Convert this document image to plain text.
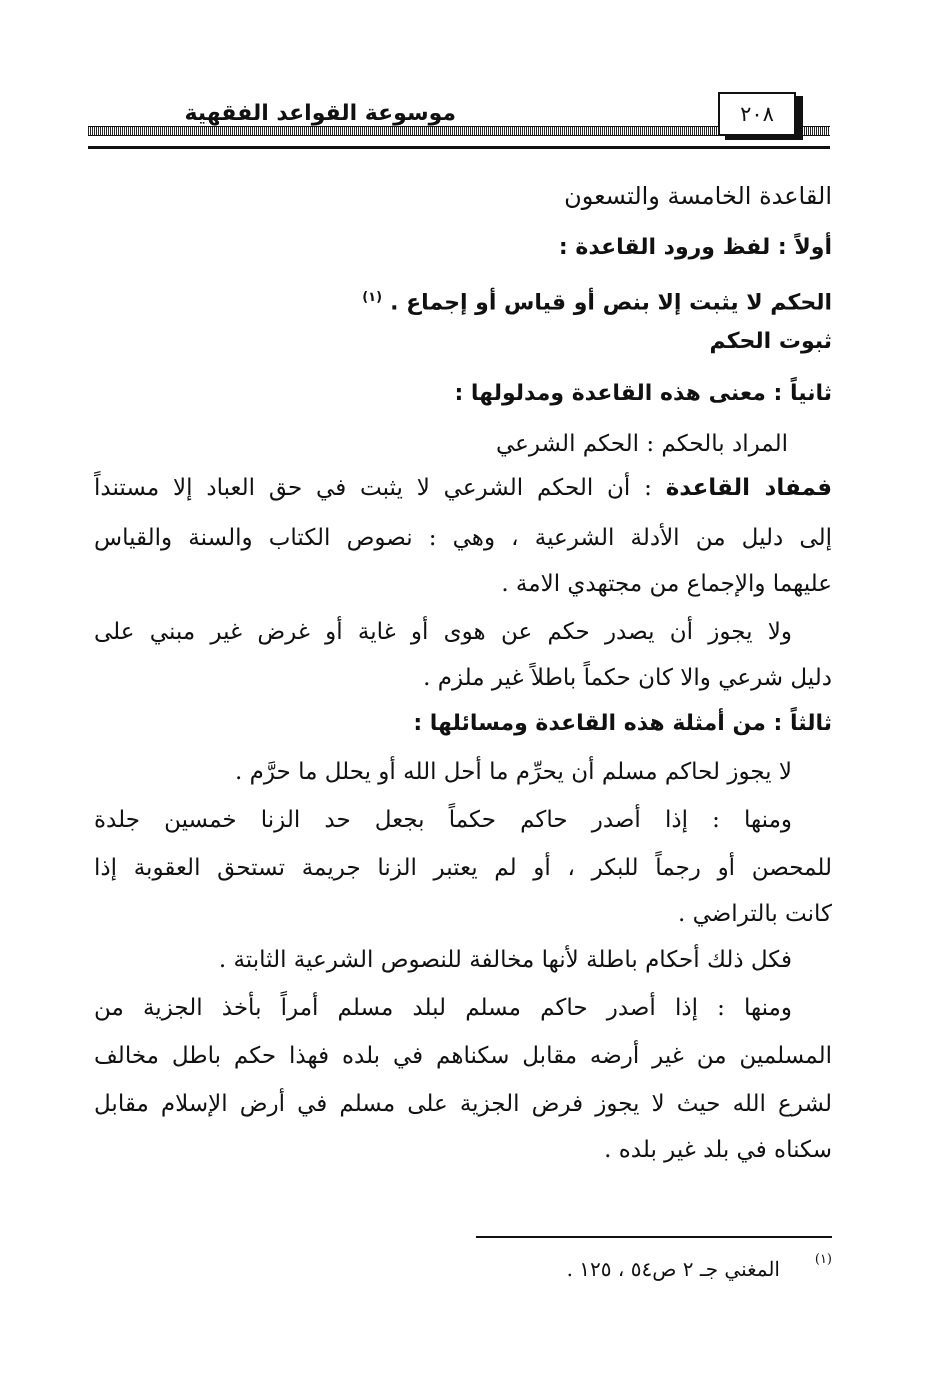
موسوعة القواعد الفقهية	٢٠٨
القاعدة الخامسة والتسعون
أولاً : لفظ ورود القاعدة :
الحكم لا يثبت إلا بنص أو قياس أو إجماع .$^{(١)}$
ثبوت الحكم
ثانياً : معنى هذه القاعدة ومدلولها :
المراد بالحكم : الحكم الشرعي
فمفاد القاعدة : أن الحكم الشرعي لا يثبت في حق العباد إلا مستنداً
إلى دليل من الأدلة الشرعية ، وهي : نصوص الكتاب والسنة والقياس
عليهما والإجماع من مجتهدي الامة .
ولا يجوز أن يصدر حكم عن هوى أو غاية أو غرض غير مبني على
دليل شرعي والا كان حكماً باطلاً غير ملزم .
ثالثاً : من أمثلة هذه القاعدة ومسائلها :
لا يجوز لحاكم مسلم أن يحرِّم ما أحل الله أو يحلل ما حرَّم .
ومنها : إذا أصدر حاكم حكماً بجعل حد الزنا خمسين جلدة
للمحصن أو رجماً للبكر ، أو لم يعتبر الزنا جريمة تستحق العقوبة إذا
كانت بالتراضي .
فكل ذلك أحكام باطلة لأنها مخالفة للنصوص الشرعية الثابتة .
ومنها : إذا أصدر حاكم مسلم لبلد مسلم أمراً بأخذ الجزية من
المسلمين من غير أرضه مقابل سكناهم في بلده فهذا حكم باطل مخالف
لشرع الله حيث لا يجوز فرض الجزية على مسلم في أرض الإسلام مقابل
سكناه في بلد غير بلده .
(١)
المغني جـ ٢ ص٥٤ ، ١٢٥ .
